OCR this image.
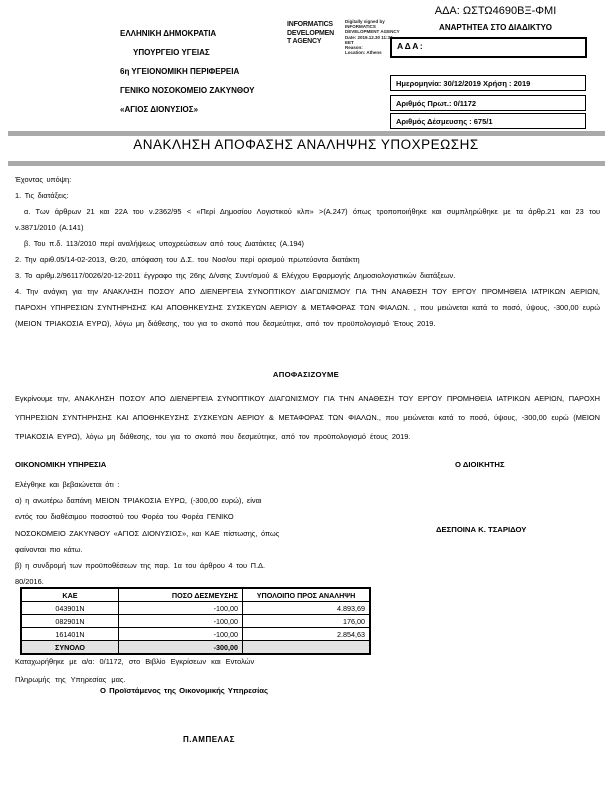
ΕΛΛΗΝΙΚΗ ΔΗΜΟΚΡΑΤΙΑ
ΥΠΟΥΡΓΕΙΟ ΥΓΕΙΑΣ
6η ΥΓΕΙΟΝΟΜΙΚΗ ΠΕΡΙΦΕΡΕΙΑ
ΓΕΝΙΚΟ ΝΟΣΟΚΟΜΕΙΟ ΖΑΚΥΝΘΟΥ
«ΑΓΙΟΣ ΔΙΟΝΥΣΙΟΣ»
INFORMATICS
DEVELOPMEN
T AGENCY
Digitally signed by
INFORMATICS
DEVELOPMENT AGENCY
Date: 2019.12.30 11:33
EET
Reason:
Location: Athens
ΑΔΑ: ΩΣΤΩ4690ΒΞ-ΦΜΙ
ΑΝΑΡΤΗΤΕΑ ΣΤΟ ΔΙΑΔΙΚΤΥΟ
ΑΔΑ:
Ημερομηνία: 30/12/2019 Χρήση : 2019
Αριθμός Πρωτ.: 0/1172
Αριθμός Δέσμευσης : 675/1
ΑΝΑΚΛΗΣΗ ΑΠΟΦΑΣΗΣ ΑΝΑΛΗΨΗΣ ΥΠΟΧΡΕΩΣΗΣ

Έχοντας υπόψη:

1. Τις διατάξεις:

α. Των άρθρων 21 και 22Α του ν.2362/95 < «Περί Δημοσίου Λογιστικού κλπ» >(Α.247) όπως τροποποιήθηκε και συμπληρώθηκε με τα άρθρ.21 και 23 του ν.3871/2010 (Α.141)

β. Του π.δ. 113/2010 περί αναλήψεως υποχρεώσεων από τους Διατάκτες (Α.194)

2. Την αριθ.05/14-02-2013, Θ:20, απόφαση του Δ.Σ. του Νοσ/ου περί ορισμού πρωτεύοντα διατάκτη

3. Το αριθμ.2/96117/0026/20-12-2011 έγγραφο της 26ης Δ/νσης Συντ/σμού & Ελέγχου Εφαρμογής Δημοσιολογιστικών διατάξεων.

4. Την ανάγκη για την ΑΝΑΚΛΗΣΗ ΠΟΣΟΥ ΑΠΟ ΔΙΕΝΕΡΓΕΙΑ ΣΥΝΟΠΤΙΚΟΥ ΔΙΑΓΩΝΙΣΜΟΥ ΓΙΑ ΤΗΝ ΑΝΑΘΕΣΗ ΤΟΥ ΕΡΓΟΥ ΠΡΟΜΗΘΕΙΑ ΙΑΤΡΙΚΩΝ ΑΕΡΙΩΝ, ΠΑΡΟΧΗ ΥΠΗΡΕΣΙΩΝ ΣΥΝΤΗΡΗΣΗΣ ΚΑΙ ΑΠΟΘΗΚΕΥΣΗΣ ΣΥΣΚΕΥΩΝ ΑΕΡΙΟΥ & ΜΕΤΑΦΟΡΑΣ ΤΩΝ ΦΙΑΛΩΝ. , που μειώνεται κατά το ποσό, ύψους, -300,00 ευρώ (ΜΕΙΟΝ ΤΡΙΑΚΟΣΙΑ ΕΥΡΩ), λόγω μη διάθεσης, του για το σκοπό που δεσμεύτηκε, από τον προϋπολογισμό Έτους 2019.

ΑΠΟΦΑΣΙΖΟΥΜΕ
Εγκρίνουμε την, ΑΝΑΚΛΗΣΗ ΠΟΣΟΥ ΑΠΟ ΔΙΕΝΕΡΓΕΙΑ ΣΥΝΟΠΤΙΚΟΥ ΔΙΑΓΩΝΙΣΜΟΥ ΓΙΑ ΤΗΝ ΑΝΑΘΕΣΗ ΤΟΥ ΕΡΓΟΥ ΠΡΟΜΗΘΕΙΑ ΙΑΤΡΙΚΩΝ ΑΕΡΙΩΝ, ΠΑΡΟΧΗ ΥΠΗΡΕΣΙΩΝ ΣΥΝΤΗΡΗΣΗΣ ΚΑΙ ΑΠΟΘΗΚΕΥΣΗΣ ΣΥΣΚΕΥΩΝ ΑΕΡΙΟΥ & ΜΕΤΑΦΟΡΑΣ ΤΩΝ ΦΙΑΛΩΝ., που μειώνεται κατά το ποσό, ύψους, -300,00 ευρώ (ΜΕΙΟΝ ΤΡΙΑΚΟΣΙΑ ΕΥΡΩ), λόγω μη διάθεσης, του για το σκοπό που δεσμεύτηκε, από τον προϋπολογισμό έτους 2019.
ΟΙΚΟΝΟΜΙΚΗ ΥΠΗΡΕΣΙΑ	Ο ΔΙΟΙΚΗΤΗΣ
Ελέγθηκε και βεβαιώνεται ότι :
α) η ανωτέρω δαπάνη ΜΕΙΟΝ ΤΡΙΑΚΟΣΙΑ ΕΥΡΩ, (-300,00 ευρώ), είναι
εντός του διαθέσιμου ποσοστού του Φορέα του Φορέα ΓΕΝΙΚΟ
ΝΟΣΟΚΟΜΕΙΟ ΖΑΚΥΝΘΟΥ «ΑΓΙΟΣ ΔΙΟΝΥΣΙΟΣ», και ΚΑΕ πίστωσης, όπως
φαίνονται πιο κάτω.
β) η συνδρομή των προϋποθέσεων της παρ. 1α του άρθρου 4 του Π.Δ.
80/2016.
ΔΕΣΠΟΙΝΑ Κ. ΤΣΑΡΙΔΟΥ
ΚΑΕ	ΠΟΣΟ ΔΕΣΜΕΥΣΗΣ	ΥΠΟΛΟΙΠΟ ΠΡΟΣ ΑΝΑΛΗΨΗ
043901Ν	-100,00	4.893,69
082901Ν	-100,00	176,00
161401Ν	-100,00	2.854,63
ΣΥΝΟΛΟ	-300,00	
Καταχωρήθηκε με α/α: 0/1172, στο Βιβλίο Εγκρίσεων και Εντολών
Πληρωμής της Υπηρεσίας μας.
Ο Προϊστάμενος της Οικονομικής Υπηρεσίας
Π.ΑΜΠΕΛΑΣ
